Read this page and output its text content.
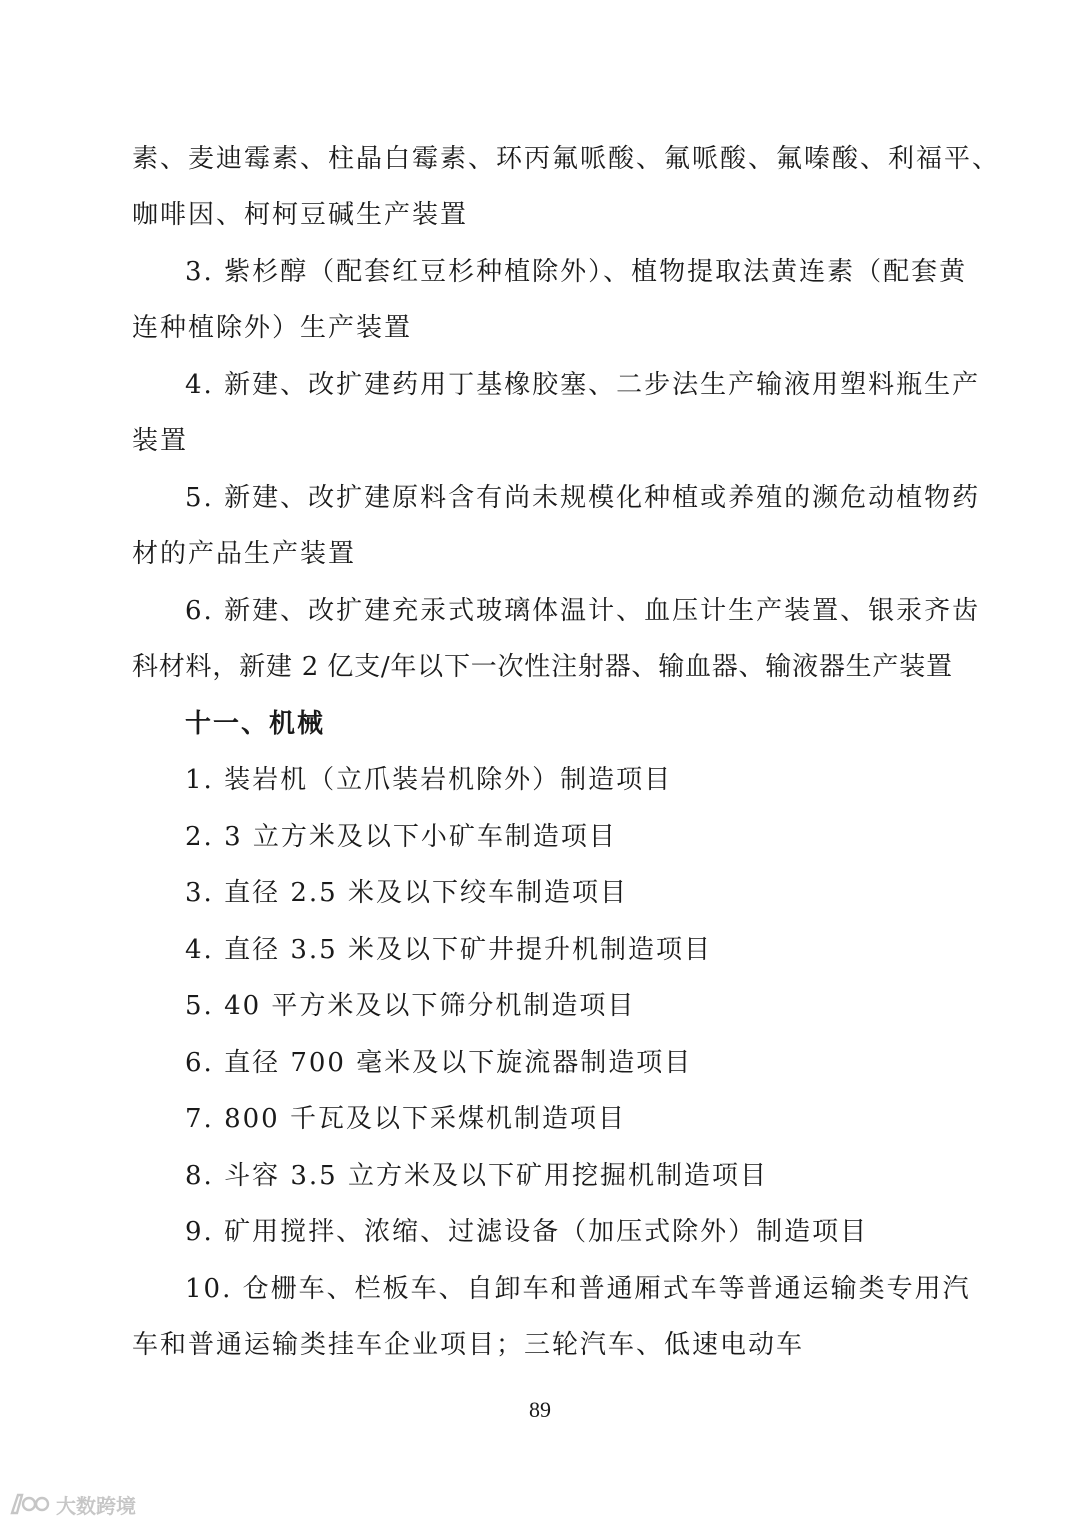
素、麦迪霉素、柱晶白霉素、环丙氟哌酸、氟哌酸、氟嗪酸、利福平、
咖啡因、柯柯豆碱生产装置
3. 紫杉醇（配套红豆杉种植除外）、植物提取法黄连素（配套黄
连种植除外）生产装置
4. 新建、改扩建药用丁基橡胶塞、二步法生产输液用塑料瓶生产
装置
5. 新建、改扩建原料含有尚未规模化种植或养殖的濒危动植物药
材的产品生产装置
6. 新建、改扩建充汞式玻璃体温计、血压计生产装置、银汞齐齿
科材料，新建 2 亿支/年以下一次性注射器、输血器、输液器生产装置
十一、机械
1. 装岩机（立爪装岩机除外）制造项目
2. 3 立方米及以下小矿车制造项目
3. 直径 2.5 米及以下绞车制造项目
4. 直径 3.5 米及以下矿井提升机制造项目
5. 40 平方米及以下筛分机制造项目
6. 直径 700 毫米及以下旋流器制造项目
7. 800 千瓦及以下采煤机制造项目
8. 斗容 3.5 立方米及以下矿用挖掘机制造项目
9. 矿用搅拌、浓缩、过滤设备（加压式除外）制造项目
10. 仓栅车、栏板车、自卸车和普通厢式车等普通运输类专用汽
车和普通运输类挂车企业项目；三轮汽车、低速电动车
89
大数跨境
